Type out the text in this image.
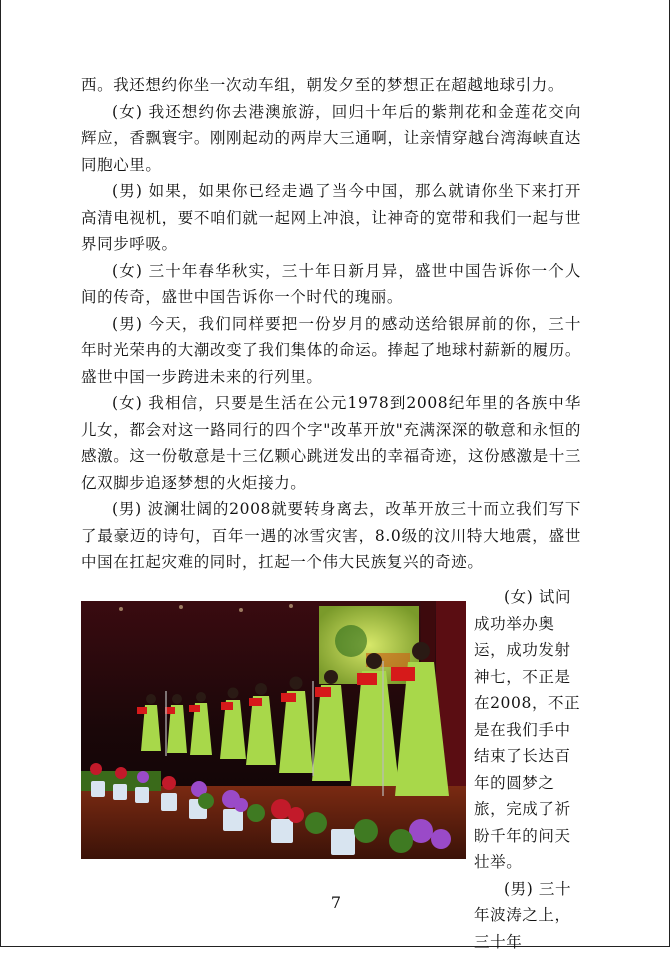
西。我还想约你坐一次动车组，朝发夕至的梦想正在超越地球引力。

(女) 我还想约你去港澳旅游，回归十年后的紫荆花和金莲花交向辉应，香飘寰宇。刚刚起动的两岸大三通啊，让亲情穿越台湾海峡直达同胞心里。

(男) 如果，如果你已经走過了当今中国，那么就请你坐下来打开高清电视机，要不咱们就一起网上冲浪，让神奇的宽带和我们一起与世界同步呼吸。

(女) 三十年春华秋实，三十年日新月异，盛世中国告诉你一个人间的传奇，盛世中国告诉你一个时代的瑰丽。

(男) 今天，我们同样要把一份岁月的感动送给银屏前的你，三十年时光荣冉的大潮改变了我们集体的命运。捧起了地球村薪新的履历。盛世中国一步跨进未来的行列里。

(女) 我相信，只要是生活在公元1978到2008纪年里的各族中华儿女，都会对这一路同行的四个字"改革开放"充满深深的敬意和永恒的感激。这一份敬意是十三亿颗心跳迸发出的幸福奇迹，这份感激是十三亿双脚步追逐梦想的火炬接力。

(男) 波澜壮阔的2008就要转身离去，改革开放三十而立我们写下了最豪迈的诗句，百年一遇的冰雪灾害，8.0级的汶川特大地震，盛世中国在扛起灾难的同时，扛起一个伟大民族复兴的奇迹。

(女) 试问成功举办奥运，成功发射神七，不正是在2008，不正是在我们手中结束了长达百年的圆梦之旅，完成了祈盼千年的问天壮举。

(男) 三十年波涛之上，三十年

7
